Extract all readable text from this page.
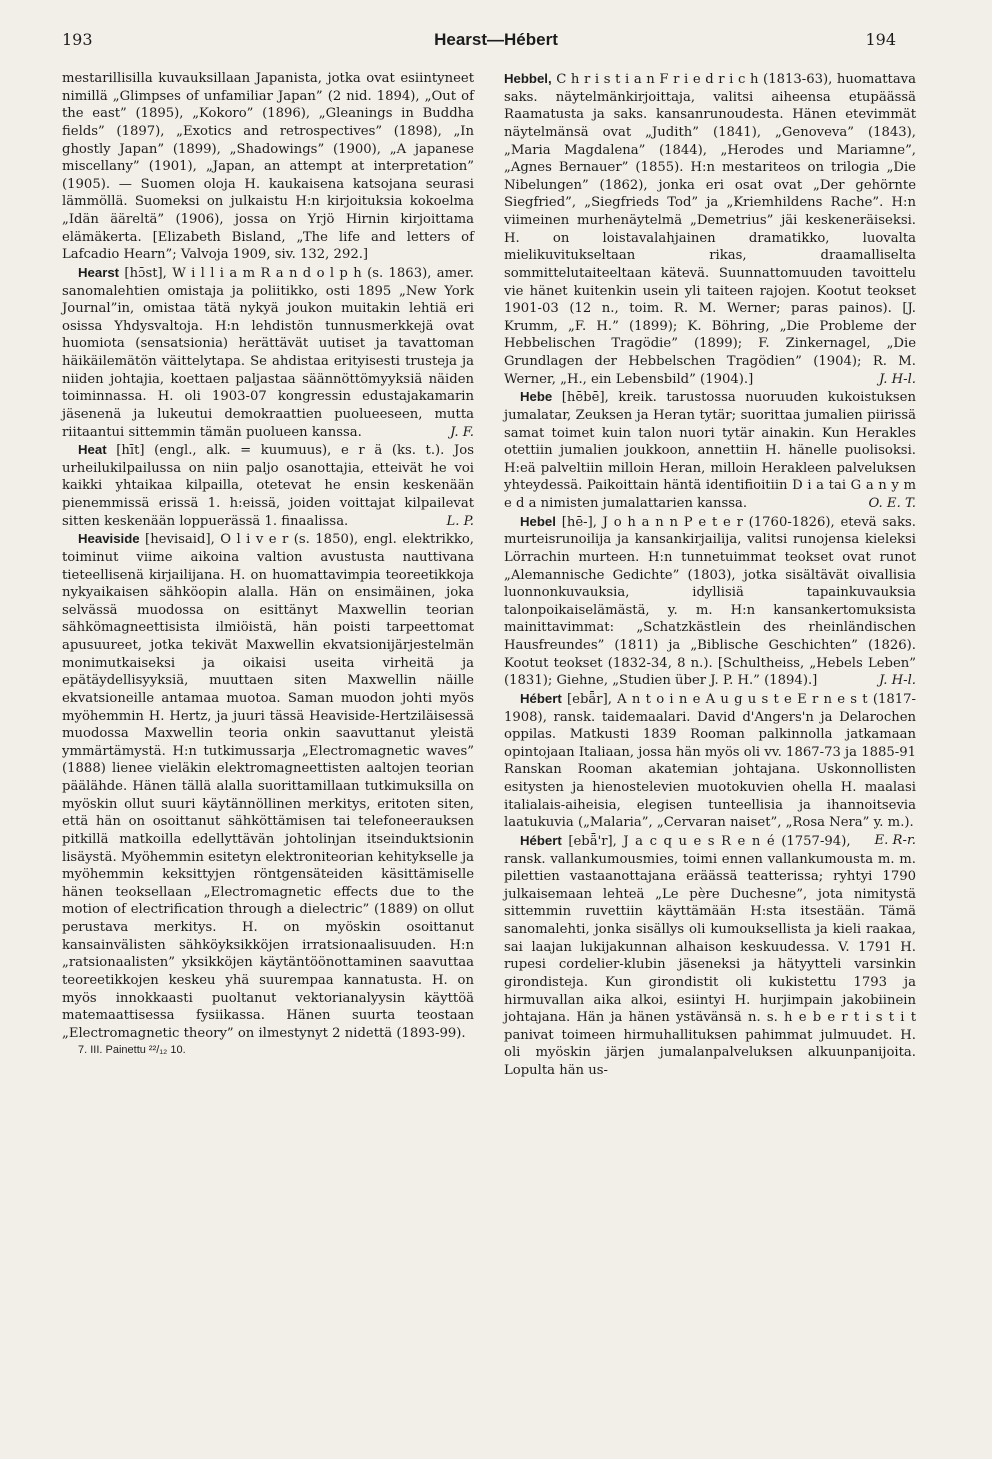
193	Hearst—Hébert	194

mestarillisilla kuvauksillaan Japanista, jotka ovat esiintyneet nimillä „Glimpses of unfamiliar Japan” (2 nid. 1894), „Out of the east” (1895), „Kokoro” (1896), „Gleanings in Buddha fields” (1897), „Exotics and retrospectives” (1898), „In ghostly Japan” (1899), „Shadowings” (1900), „A japanese miscellany” (1901), „Japan, an attempt at interpretation” (1905). — Suomen oloja H. kaukaisena katsojana seurasi lämmöllä. Suomeksi on julkaistu H:n kirjoituksia kokoelma „Idän ääreltä” (1906), jossa on Yrjö Hirnin kirjoittama elämäkerta. [Elizabeth Bisland, „The life and letters of Lafcadio Hearn”; Valvoja 1909, siv. 132, 292.]

Hearst [hɔ̄st], W i l l i a m R a n d o l p h (s. 1863), amer. sanomalehtien omistaja ja poliitikko, osti 1895 „New York Journal”in, omistaa tätä nykyä joukon muitakin lehtiä eri osissa Yhdysvaltoja. H:n lehdistön tunnusmerkkejä ovat huomiota (sensatsionia) herättävät uutiset ja tavattoman häikäilemätön väittelytapa. Se ahdistaa erityisesti trusteja ja niiden johtajia, koettaen paljastaa säännöttömyyksiä näiden toiminnassa. H. oli 1903-07 kongressin edustajakamarin jäsenenä ja lukeutui demokraattien puolueeseen, mutta riitaantui sittemmin tämän puolueen kanssa.	J. F.

Heat [hīt] (engl., alk. = kuumuus), e r ä (ks. t.). Jos urheilukilpailussa on niin paljo osanottajia, etteivät he voi kaikki yhtaikaa kilpailla, otetevat he ensin keskenään pienemmissä erissä 1. h:eissä, joiden voittajat kilpailevat sitten keskenään loppuerässä 1. finaalissa.	L. P.

Heaviside [hevisaid], O l i v e r (s. 1850), engl. elektrikko, toiminut viime aikoina valtion avustusta nauttivana tieteellisenä kirjailijana. H. on huomattavimpia teoreetikkoja nykyaikaisen sähköopin alalla. Hän on ensimäinen, joka selvässä muodossa on esittänyt Maxwellin teorian sähkömagneettisista ilmiöistä, hän poisti tarpeettomat apusuureet, jotka tekivät Maxwellin ekvatsionijärjestelmän monimutkaiseksi ja oikaisi useita virheitä ja epätäydellisyyksiä, muuttaen siten Maxwellin näille ekvatsioneille antamaa muotoa. Saman muodon johti myös myöhemmin H. Hertz, ja juuri tässä Heaviside-Hertziläisessä muodossa Maxwellin teoria onkin saavuttanut yleistä ymmärtämystä. H:n tutkimussarja „Electromagnetic waves” (1888) lienee vieläkin elektromagneettisten aaltojen teorian päälähde. Hänen tällä alalla suorittamillaan tutkimuksilla on myöskin ollut suuri käytännöllinen merkitys, eritoten siten, että hän on osoittanut sähköttämisen tai telefoneerauksen pitkillä matkoilla edellyttävän johtolinjan itseinduktsionin lisäystä. Myöhemmin esitetyn elektroniteorian kehitykselle ja myöhemmin keksittyjen röntgensäteiden käsittämiselle hänen teoksellaan „Electromagnetic effects due to the motion of electrification through a dielectric” (1889) on ollut perustava merkitys. H. on myöskin osoittanut kansainvälisten sähköyksikköjen irratsionaalisuuden. H:n „ratsionaalisten” yksikköjen käytäntöönottaminen saavuttaa teoreetikkojen keskeu yhä suurempaa kannatusta. H. on myös innokkaasti puoltanut vektorianalyysin käyttöä matemaattisessa fysiikassa. Hänen suurta teostaan „Electromagnetic theory” on ilmestynyt 2 nidettä (1893-99).

7. III. Painettu ²²/₁₂ 10.

Hebbel, C h r i s t i a n F r i e d r i c h (1813-63), huomattava saks. näytelmänkirjoittaja, valitsi aiheensa etupäässä Raamatusta ja saks. kansanrunoudesta. Hänen etevimmät näytelmänsä ovat „Judith” (1841), „Genoveva” (1843), „Maria Magdalena” (1844), „Herodes und Mariamne”, „Agnes Bernauer” (1855). H:n mestariteos on trilogia „Die Nibelungen” (1862), jonka eri osat ovat „Der gehörnte Siegfried”, „Siegfrieds Tod” ja „Kriemhildens Rache”. H:n viimeinen murhenäytelmä „Demetrius” jäi keskeneräiseksi. H. on loistavalahjainen dramatikko, luovalta mielikuvitukseltaan rikas, draamalliselta sommittelutaiteeltaan kätevä. Suunnattomuuden tavoittelu vie hänet kuitenkin usein yli taiteen rajojen. Kootut teokset 1901-03 (12 n., toim. R. M. Werner; paras painos). [J. Krumm, „F. H.” (1899); K. Böhring, „Die Probleme der Hebbelischen Tragödie” (1899); F. Zinkernagel, „Die Grundlagen der Hebbelschen Tragödien” (1904); R. M. Werner, „H., ein Lebensbild” (1904).]	J. H-l.

Hebe [hēbē], kreik. tarustossa nuoruuden kukoistuksen jumalatar, Zeuksen ja Heran tytär; suorittaa jumalien piirissä samat toimet kuin talon nuori tytär ainakin. Kun Herakles otettiin jumalien joukkoon, annettiin H. hänelle puolisoksi. H:eä palveltiin milloin Heran, milloin Herakleen palveluksen yhteydessä. Paikoittain häntä identifioitiin D i a tai G a n y m e d a nimisten jumalattarien kanssa.	O. E. T.

Hebel [hē-], J o h a n n P e t e r (1760-1826), etevä saks. murteisrunoilija ja kansankirjailija, valitsi runojensa kieleksi Lörrachin murteen. H:n tunnetuimmat teokset ovat runot „Alemannische Gedichte” (1803), jotka sisältävät oivallisia luonnonkuvauksia, idyllisiä tapainkuvauksia talonpoikaiselämästä, y. m. H:n kansankertomuksista mainittavimmat: „Schatzkästlein des rheinländischen Hausfreundes” (1811) ja „Biblische Geschichten” (1826). Kootut teokset (1832-34, 8 n.). [Schultheiss, „Hebels Leben” (1831); Giehne, „Studien über J. P. H.” (1894).]	J. H-l.

Hébert [ebǟr], A n t o i n e A u g u s t e E r n e s t (1817-1908), ransk. taidemaalari. David d'Angers'n ja Delarochen oppilas. Matkusti 1839 Rooman palkinnolla jatkamaan opintojaan Italiaan, jossa hän myös oli vv. 1867-73 ja 1885-91 Ranskan Rooman akatemian johtajana. Uskonnollisten esitysten ja hienostelevien muotokuvien ohella H. maalasi italialais-aiheisia, elegisen tunteellisia ja ihannoitsevia laatukuvia („Malaria”, „Cervaran naiset”, „Rosa Nera” y. m.).
E. R-r.

Hébert [ebǟ'r], J a c q u e s R e n é (1757-94), ransk. vallankumousmies, toimi ennen vallankumousta m. m. pilettien vastaanottajana eräässä teatterissa; ryhtyi 1790 julkaisemaan lehteä „Le père Duchesne”, jota nimitystä sittemmin ruvettiin käyttämään H:sta itsestään. Tämä sanomalehti, jonka sisällys oli kumouksellista ja kieli raakaa, sai laajan lukijakunnan alhaison keskuudessa. V. 1791 H. rupesi cordelier-klubin jäseneksi ja hätyytteli varsinkin girondisteja. Kun girondistit oli kukistettu 1793 ja hirmuvallan aika alkoi, esiintyi H. hurjimpain jakobiinein johtajana. Hän ja hänen ystävänsä n. s. h e b e r t i s t i t panivat toimeen hirmuhallituksen pahimmat julmuudet. H. oli myöskin järjen jumalanpalveluksen alkuunpanijoita. Lopulta hän us-
